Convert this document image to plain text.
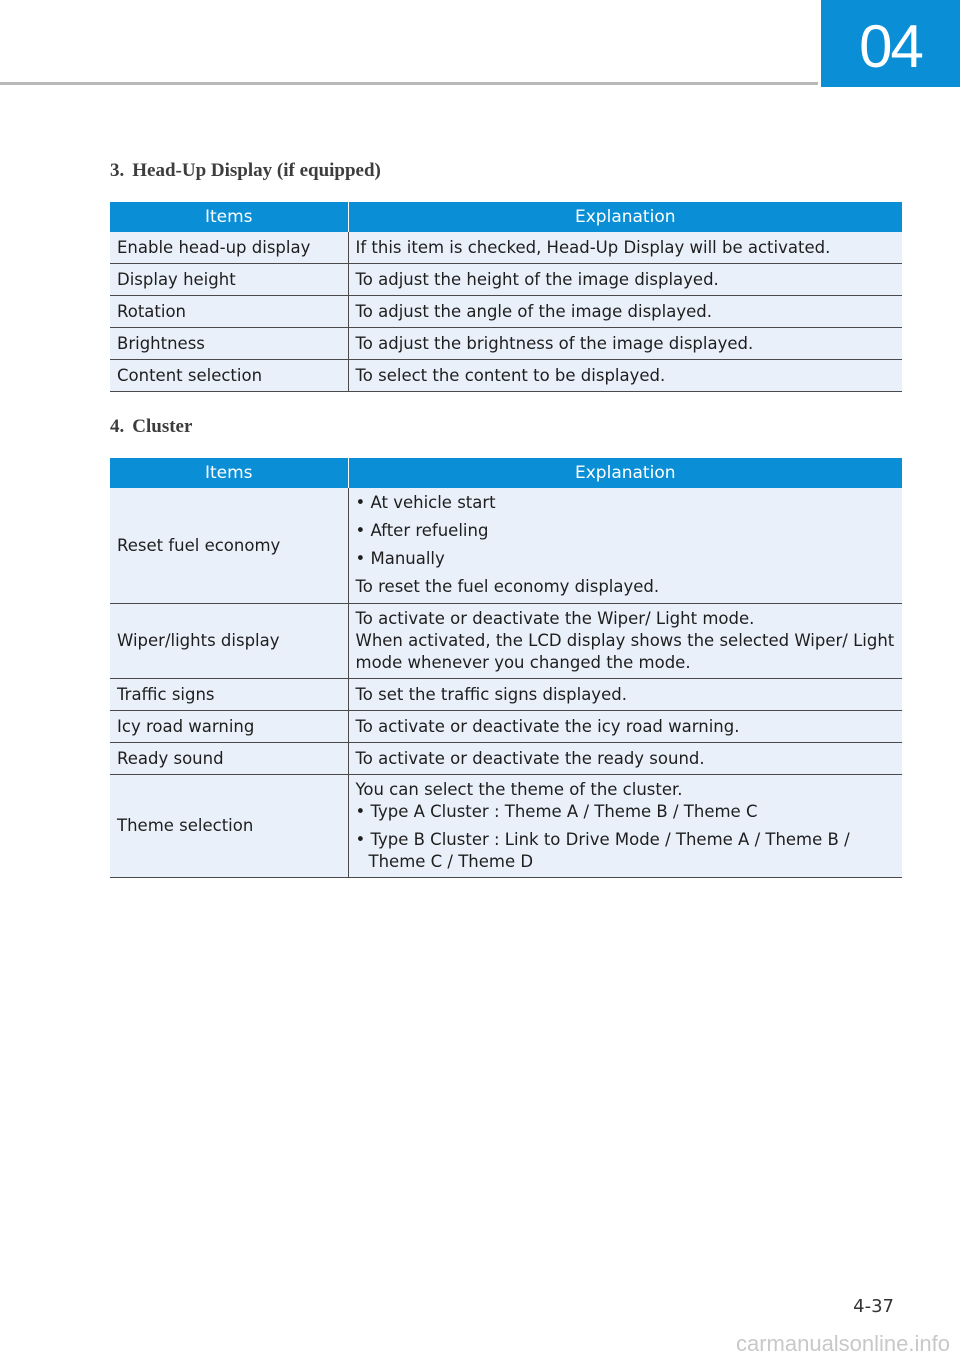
04
3. Head-Up Display (if equipped)
Items	Explanation
Enable head-up display	If this item is checked, Head-Up Display will be activated.
Display height	To adjust the height of the image displayed.
Rotation	To adjust the angle of the image displayed.
Brightness	To adjust the brightness of the image displayed.
Content selection	To select the content to be displayed.
4. Cluster
Items	Explanation
Reset fuel economy	• At vehicle start
• After refueling
• Manually
To reset the fuel economy displayed.

Wiper/lights display	To activate or deactivate the Wiper/ Light mode.
When activated, the LCD display shows the selected Wiper/ Light mode whenever you changed the mode.

Traffic signs	To set the traffic signs displayed.
Icy road warning	To activate or deactivate the icy road warning.
Ready sound	To activate or deactivate the ready sound.
Theme selection	You can select the theme of the cluster.
• Type A Cluster : Theme A / Theme B / Theme C
• Type B Cluster : Link to Drive Mode / Theme A / Theme B / Theme C / Theme D
4-37
carmanualsonline.info
